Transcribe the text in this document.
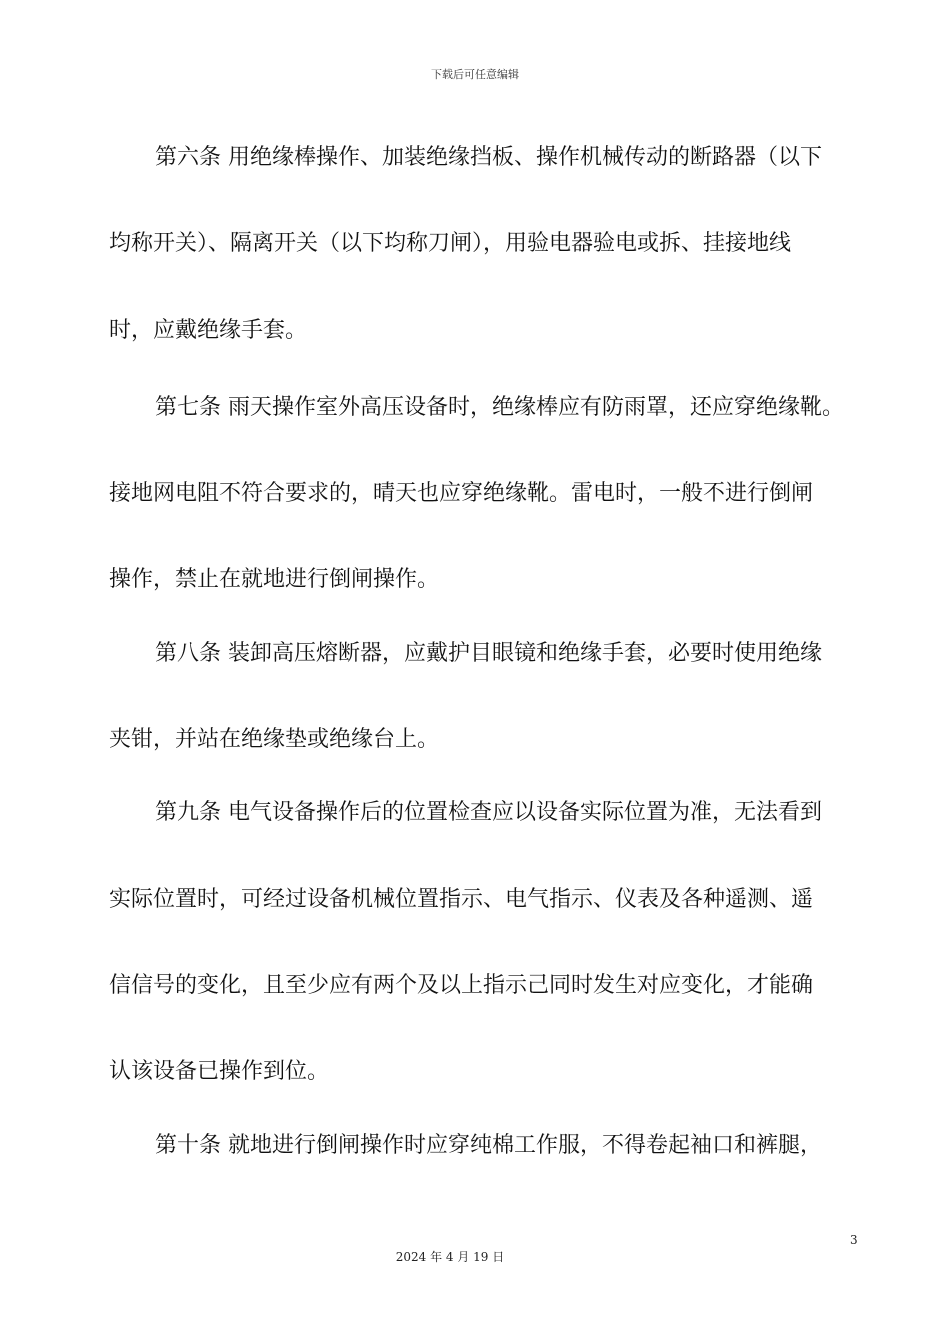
下载后可任意编辑
第六条 用绝缘棒操作、加装绝缘挡板、操作机械传动的断路器（以下
均称开关）、隔离开关（以下均称刀闸），用验电器验电或拆、挂接地线
时，应戴绝缘手套。
第七条 雨天操作室外高压设备时，绝缘棒应有防雨罩，还应穿绝缘靴。
接地网电阻不符合要求的，晴天也应穿绝缘靴。雷电时，一般不进行倒闸
操作，禁止在就地进行倒闸操作。
第八条 装卸高压熔断器，应戴护目眼镜和绝缘手套，必要时使用绝缘
夹钳，并站在绝缘垫或绝缘台上。
第九条 电气设备操作后的位置检查应以设备实际位置为准，无法看到
实际位置时，可经过设备机械位置指示、电气指示、仪表及各种遥测、遥
信信号的变化，且至少应有两个及以上指示己同时发生对应变化，才能确
认该设备已操作到位。
第十条 就地进行倒闸操作时应穿纯棉工作服，不得卷起袖口和裤腿，
3
2024 年 4 月 19 日
